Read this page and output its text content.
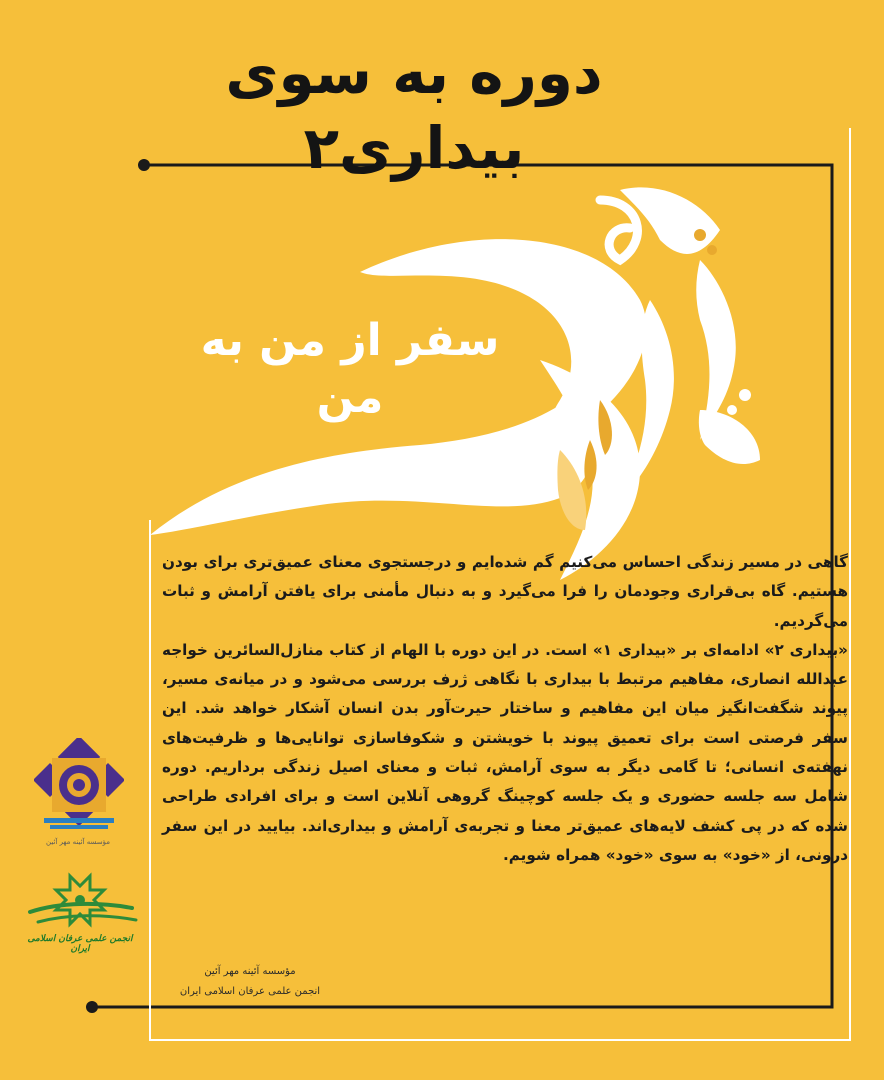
دوره به سوی بیداری۲
سفر از من به من

گاهی در مسیر زندگی احساس می‌کنیم گم شده‌ایم و درجستجوی معنای عمیق‌تری برای بودن هستیم. گاه بی‌قراری وجودمان را فرا می‌گیرد و به دنبال مأمنی برای یافتن آرامش و ثبات می‌گردیم.

«بیداری ۲» ادامه‌ای بر «بیداری ۱» است. در این دوره با الهام از کتاب منازل‌السائرین خواجه عبدالله انصاری، مفاهیم مرتبط با بیداری با نگاهی ژرف بررسی می‌شود و در میانه‌ی مسیر، پیوند شگفت‌انگیز میان این مفاهیم و ساختار حیرت‌آور بدن انسان آشکار خواهد شد. این سفر فرصتی است برای تعمیق پیوند با خویشتن و شکوفاسازی توانایی‌ها و ظرفیت‌های نهفته‌ی انسانی؛ تا گامی دیگر به سوی آرامش، ثبات و معنای اصیل زندگی برداریم. دوره شامل سه جلسه حضوری و یک جلسه کوچینگ گروهی آنلاین است و برای افرادی طراحی شده که در پی کشف لایه‌های عمیق‌تر معنا و تجربه‌ی آرامش و بیداری‌اند. بیایید در این سفر درونی، از «خود» به سوی «خود» همراه شویم.

مؤسسه آئینه مهر آئین
انجمن علمی عرفان اسلامی ایران
مؤسسه آئینه مهر آئین
انجمن علمی عرفان اسلامی ایران
